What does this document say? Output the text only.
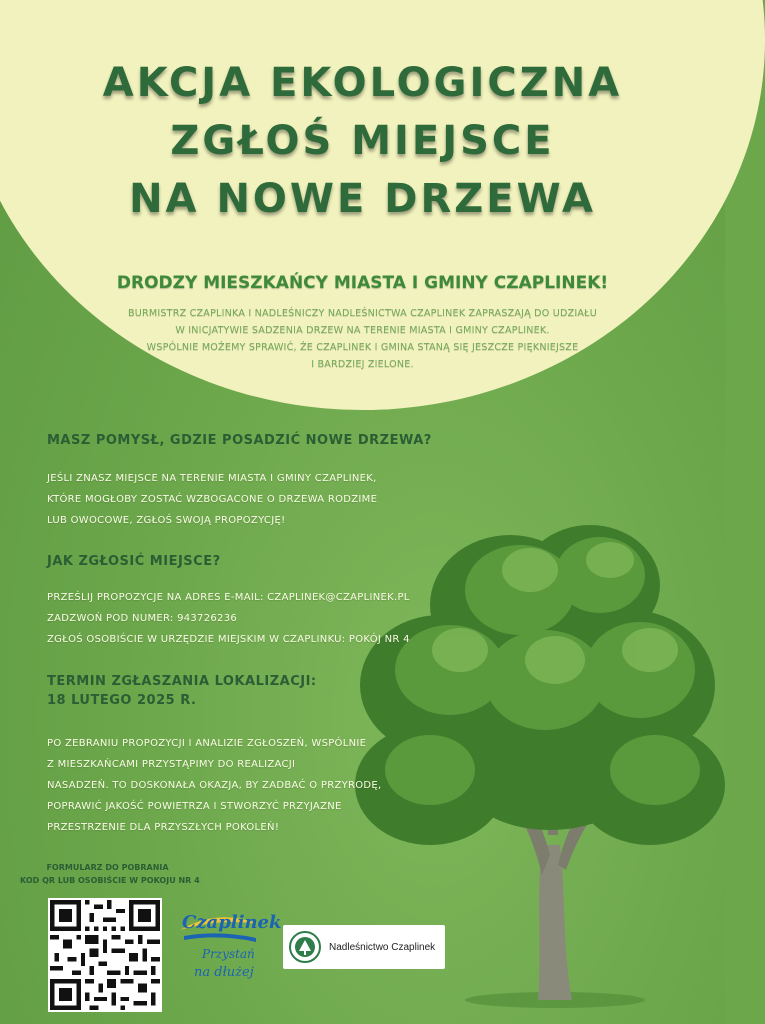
AKCJA EKOLOGICZNA
ZGŁOŚ MIEJSCE
NA NOWE DRZEWA
DRODZY MIESZKAŃCY MIASTA I GMINY CZAPLINEK!
BURMISTRZ CZAPLINKA I NADLEŚNICZY NADLEŚNICTWA CZAPLINEK ZAPRASZAJĄ DO UDZIAŁU
W INICJATYWIE SADZENIA DRZEW NA TERENIE MIASTA I GMINY CZAPLINEK.
WSPÓLNIE MOŻEMY SPRAWIĆ, ŻE CZAPLINEK I GMINA STANĄ SIĘ JESZCZE PIĘKNIEJSZE
I BARDZIEJ ZIELONE.
MASZ POMYSŁ, GDZIE POSADZIĆ NOWE DRZEWA?
JEŚLI ZNASZ MIEJSCE NA TERENIE MIASTA I GMINY CZAPLINEK,
KTÓRE MOGŁOBY ZOSTAĆ WZBOGACONE O DRZEWA RODZIME
LUB OWOCOWE, ZGŁOŚ SWOJĄ PROPOZYCJĘ!
JAK ZGŁOSIĆ MIEJSCE?
PRZEŚLIJ PROPOZYCJE NA ADRES E-MAIL: CZAPLINEK@CZAPLINEK.PL
ZADZWOŃ POD NUMER: 943726236
ZGŁOŚ OSOBIŚCIE W URZĘDZIE MIEJSKIM W CZAPLINKU: POKÓJ NR 4
TERMIN ZGŁASZANIA LOKALIZACJI:
18 LUTEGO 2025 R.
PO ZEBRANIU PROPOZYCJI I ANALIZIE ZGŁOSZEŃ, WSPÓLNIE
Z MIESZKAŃCAMI PRZYSTĄPIMY DO REALIZACJI
NASADZEŃ. TO DOSKONAŁA OKAZJA, BY ZADBAĆ O PRZYRODĘ,
POPRAWIĆ JAKOŚĆ POWIETRZA I STWORZYĆ PRZYJAZNE
PRZESTRZENIE DLA PRZYSZŁYCH POKOLEŃ!
FORMULARZ DO POBRANIA
KOD QR LUB OSOBIŚCIE W POKOJU NR 4
Czaplinek
Przystań
na dłużej
Nadleśnictwo Czaplinek
